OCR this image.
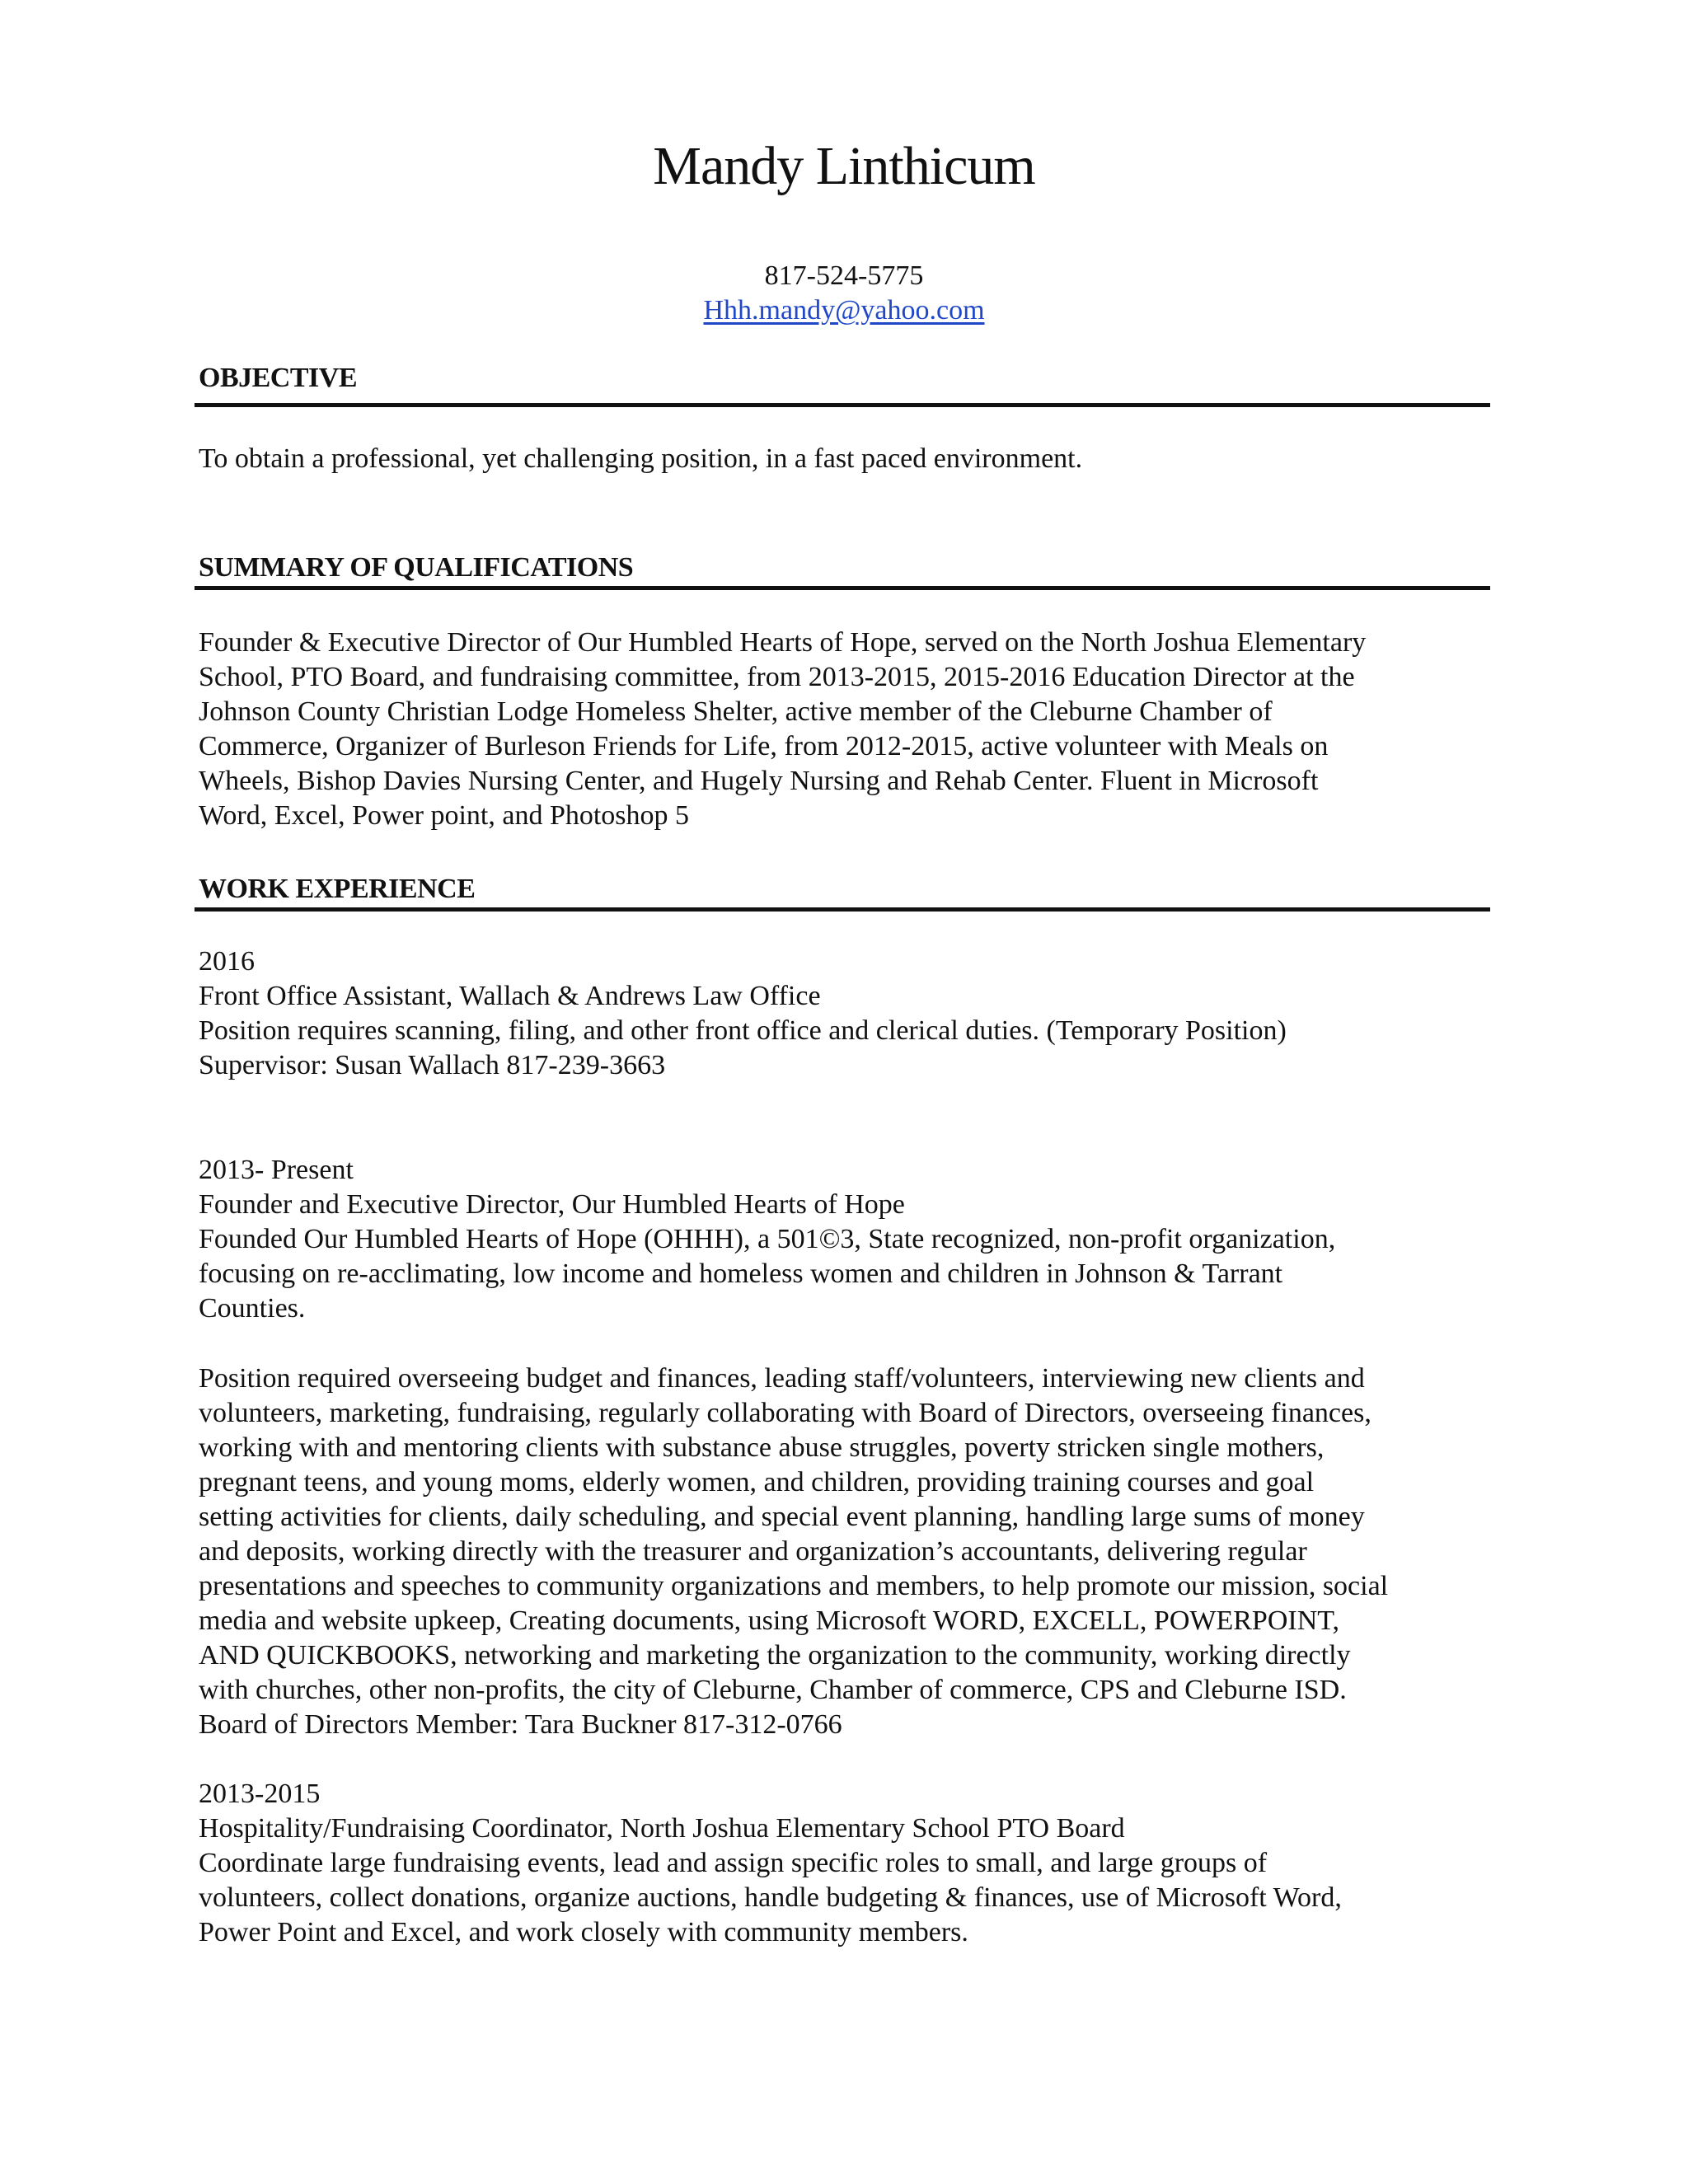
Mandy Linthicum
817-524-5775
Hhh.mandy@yahoo.com
OBJECTIVE

To obtain a professional, yet challenging position, in a fast paced environment.

SUMMARY OF QUALIFICATIONS

Founder & Executive Director of Our Humbled Hearts of Hope, served on the North Joshua Elementary
School, PTO Board, and fundraising committee, from 2013-2015, 2015-2016 Education Director at the
Johnson County Christian Lodge Homeless Shelter, active member of the Cleburne Chamber of
Commerce, Organizer of Burleson Friends for Life, from 2012-2015, active volunteer with Meals on
Wheels, Bishop Davies Nursing Center, and Hugely Nursing and Rehab Center. Fluent in Microsoft
Word, Excel, Power point, and Photoshop 5

WORK EXPERIENCE

2016
Front Office Assistant, Wallach & Andrews Law Office
Position requires scanning, filing, and other front office and clerical duties. (Temporary Position)
Supervisor: Susan Wallach 817-239-3663

2013- Present
Founder and Executive Director, Our Humbled Hearts of Hope
Founded Our Humbled Hearts of Hope (OHHH), a 501©3, State recognized, non-profit organization,
focusing on re-acclimating, low income and homeless women and children in Johnson & Tarrant
Counties.

Position required overseeing budget and finances, leading staff/volunteers, interviewing new clients and
volunteers, marketing, fundraising, regularly collaborating with Board of Directors, overseeing finances,
working with and mentoring clients with substance abuse struggles, poverty stricken single mothers,
pregnant teens, and young moms, elderly women, and children, providing training courses and goal
setting activities for clients, daily scheduling, and special event planning, handling large sums of money
and deposits, working directly with the treasurer and organization’s accountants, delivering regular
presentations and speeches to community organizations and members, to help promote our mission, social
media and website upkeep, Creating documents, using Microsoft WORD, EXCELL, POWERPOINT,
AND QUICKBOOKS, networking and marketing the organization to the community, working directly
with churches, other non-profits, the city of Cleburne, Chamber of commerce, CPS and Cleburne ISD.
Board of Directors Member: Tara Buckner 817-312-0766

2013-2015
Hospitality/Fundraising Coordinator, North Joshua Elementary School PTO Board
Coordinate large fundraising events, lead and assign specific roles to small, and large groups of
volunteers, collect donations, organize auctions, handle budgeting & finances, use of Microsoft Word,
Power Point and Excel, and work closely with community members.
